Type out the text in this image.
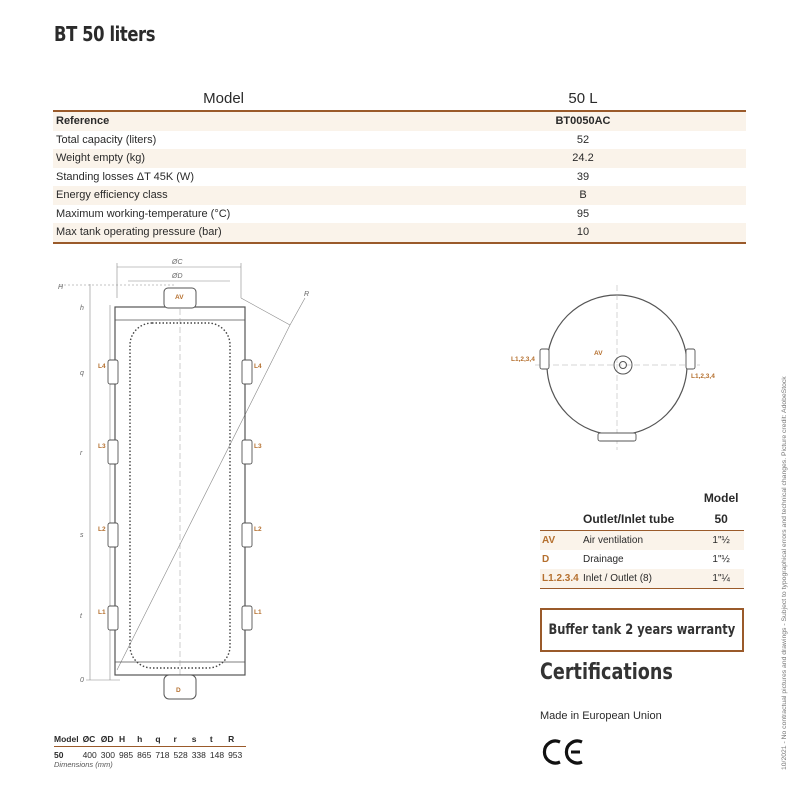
BT 50 liters
Model	50 L
Reference	BT0050AC
Total capacity (liters)	52
Weight empty (kg)	24.2
Standing losses ΔT 45K (W)	39
Energy efficiency class	B
Maximum working-temperature (°C)	95
Max tank operating pressure (bar)	10
ØC
ØD
H
h
q
r
s
t
0
R
AV
D
L4
L3
L2
L1
L4
L3
L2
L1
L1,2,3,4
L1,2,3,4
AV
		Model
	Outlet/Inlet tube	50
AV	Air ventilation	1"½
D	Drainage	1"½
L1.2.3.4	Inlet / Outlet (8)	1"¼
Buffer tank 2 years warranty
Certifications
Made in European Union
Model	ØC	ØD	H	h	q	r	s	t	R
50	400	300	985	865	718	528	338	148	953
Dimensions (mm)	10/2021 - No contractual pictures and drawings - Subject to typographical errors and technical changes. Picture credit: AdobeStock
